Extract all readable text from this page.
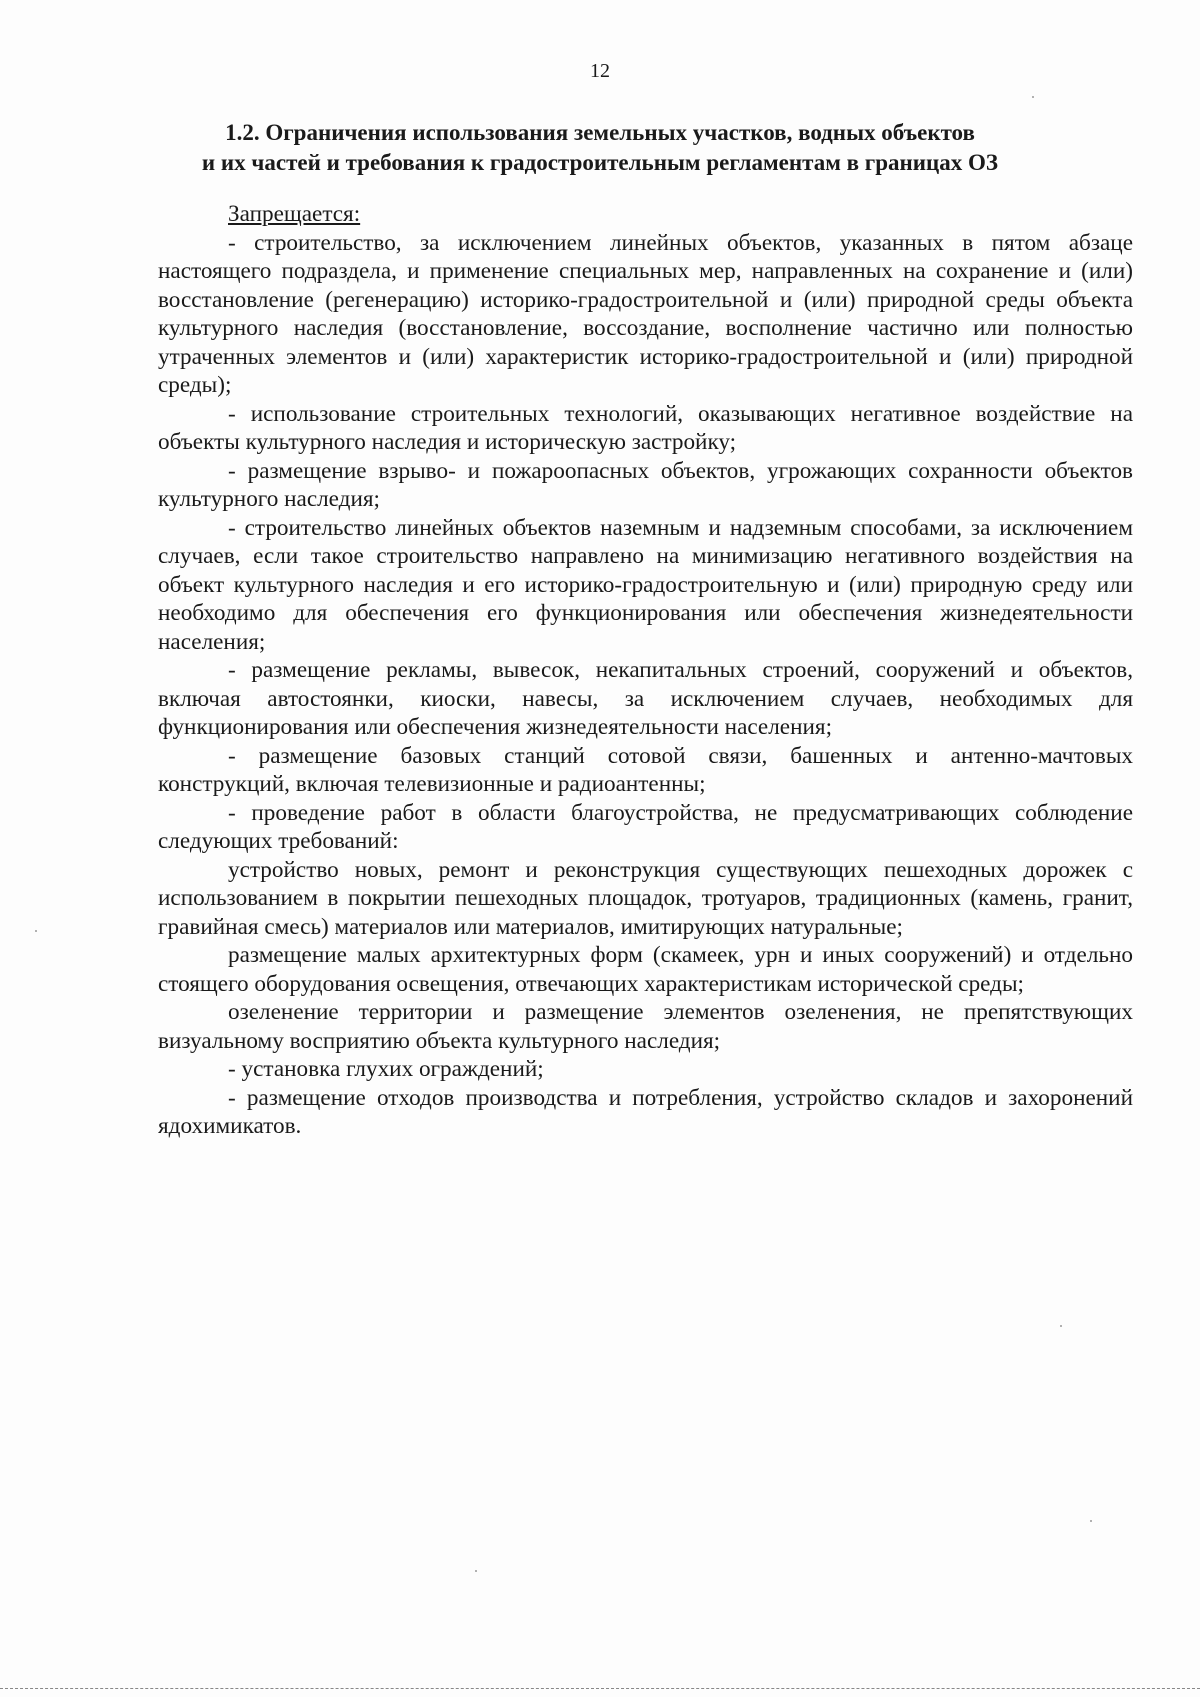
12
1.2. Ограничения использования земельных участков, водных объектов
и их частей и требования к градостроительным регламентам в границах ОЗ

Запрещается:

- строительство, за исключением линейных объектов, указанных в пятом абзаце настоящего подраздела, и применение специальных мер, направленных на сохранение и (или) восстановление (регенерацию) историко-градостроительной и (или) природной среды объекта культурного наследия (восстановление, воссоздание, восполнение частично или полностью утраченных элементов и (или) характеристик историко-градостроительной и (или) природной среды);

- использование строительных технологий, оказывающих негативное воздействие на объекты культурного наследия и историческую застройку;

- размещение взрыво- и пожароопасных объектов, угрожающих сохранности объектов культурного наследия;

- строительство линейных объектов наземным и надземным способами, за исключением случаев, если такое строительство направлено на минимизацию негативного воздействия на объект культурного наследия и его историко-градостроительную и (или) природную среду или необходимо для обеспечения его функционирования или обеспечения жизнедеятельности населения;

- размещение рекламы, вывесок, некапитальных строений, сооружений и объектов, включая автостоянки, киоски, навесы, за исключением случаев, необходимых для функционирования или обеспечения жизнедеятельности населения;

- размещение базовых станций сотовой связи, башенных и антенно-мачтовых конструкций, включая телевизионные и радиоантенны;

- проведение работ в области благоустройства, не предусматривающих соблюдение следующих требований:

устройство новых, ремонт и реконструкция существующих пешеходных дорожек с использованием в покрытии пешеходных площадок, тротуаров, традиционных (камень, гранит, гравийная смесь) материалов или материалов, имитирующих натуральные;

размещение малых архитектурных форм (скамеек, урн и иных сооружений) и отдельно стоящего оборудования освещения, отвечающих характеристикам исторической среды;

озеленение территории и размещение элементов озеленения, не препятствующих визуальному восприятию объекта культурного наследия;

- установка глухих ограждений;

- размещение отходов производства и потребления, устройство складов и захоронений ядохимикатов.
